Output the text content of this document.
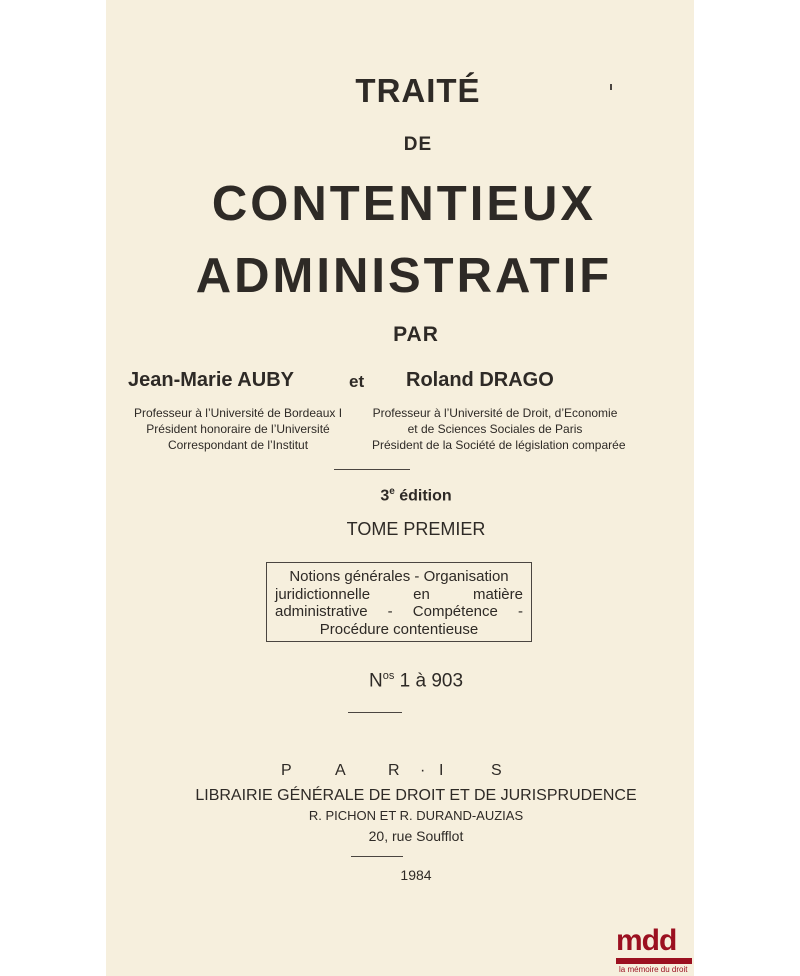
TRAITÉ
DE
CONTENTIEUX
ADMINISTRATIF
PAR
Jean-Marie AUBY	et Roland DRAGO
Professeur à l’Université de Bordeaux I
Président honoraire de l’Université
Correspondant de l’Institut
Professeur à l’Université de Droit, d’Economie
et de Sciences Sociales de Paris
Président de la Société de législation comparée
3e édition
TOME PREMIER
Notions générales - Organisation
juridictionnelle	en	matière
administrative - Compétence -
Procédure contentieuse
$N^{os}$ 1 à 903
P	A	R · I	S
LIBRAIRIE GÉNÉRALE DE DROIT ET DE JURISPRUDENCE
R. PICHON ET R. DURAND-AUZIAS
20, rue Soufflot
1984
mdd
la mémoire du droit
